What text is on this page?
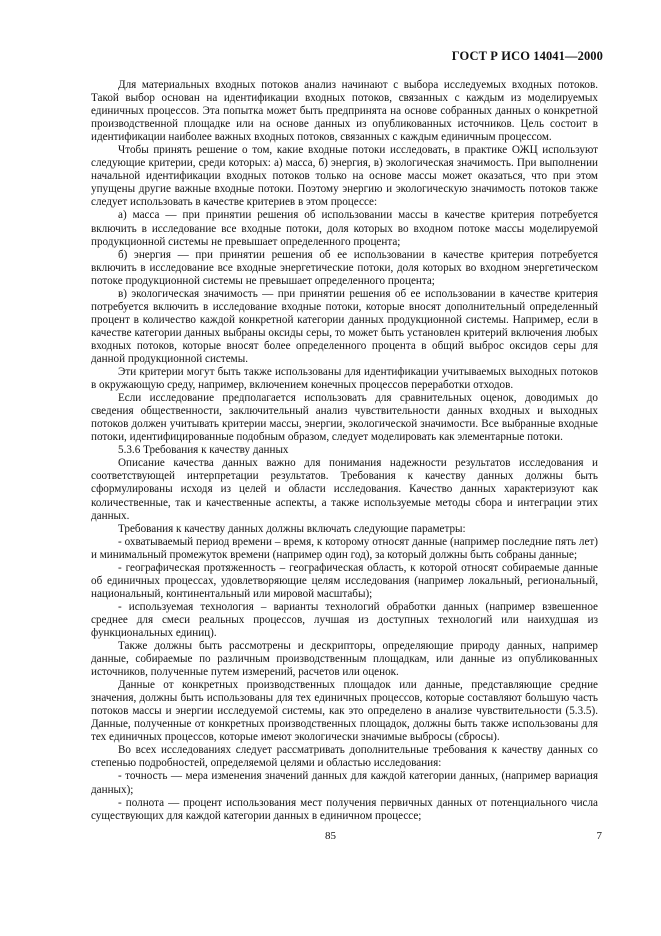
ГОСТ Р ИСО 14041—2000

Для материальных входных потоков анализ начинают с выбора исследуемых входных потоков. Такой выбор основан на идентификации входных потоков, связанных с каждым из моделируемых единичных процессов. Эта попытка может быть предпринята на основе собранных данных о конкретной производственной площадке или на основе данных из опубликованных источников. Цель состоит в идентификации наиболее важных входных потоков, связанных с каждым единичным процессом.

Чтобы принять решение о том, какие входные потоки исследовать, в практике ОЖЦ используют следующие критерии, среди которых: а) масса, б) энергия, в) экологическая значимость. При выполнении начальной идентификации входных потоков только на основе массы может оказаться, что при этом упущены другие важные входные потоки. Поэтому энергию и экологическую значимость потоков также следует использовать в качестве критериев в этом процессе:

а) масса — при принятии решения об использовании массы в качестве критерия потребуется включить в исследование все входные потоки, доля которых во входном потоке массы моделируемой продукционной системы не превышает определенного процента;

б) энергия — при принятии решения об ее использовании в качестве критерия потребуется включить в исследование все входные энергетические потоки, доля которых во входном энергетическом потоке продукционной системы не превышает определенного процента;

в) экологическая значимость — при принятии решения об ее использовании в качестве критерия потребуется включить в исследование входные потоки, которые вносят дополнительный определенный процент в количество каждой конкретной категории данных продукционной системы. Например, если в качестве категории данных выбраны оксиды серы, то может быть установлен критерий включения любых входных потоков, которые вносят более определенного процента в общий выброс оксидов серы для данной продукционной системы.

Эти критерии могут быть также использованы для идентификации учитываемых выходных потоков в окружающую среду, например, включением конечных процессов переработки отходов.

Если исследование предполагается использовать для сравнительных оценок, доводимых до сведения общественности, заключительный анализ чувствительности данных входных и выходных потоков должен учитывать критерии массы, энергии, экологической значимости. Все выбранные входные потоки, идентифицированные подобным образом, следует моделировать как элементарные потоки.

5.3.6 Требования к качеству данных

Описание качества данных важно для понимания надежности результатов исследования и соответствующей интерпретации результатов. Требования к качеству данных должны быть сформулированы исходя из целей и области исследования. Качество данных характеризуют как количественные, так и качественные аспекты, а также используемые методы сбора и интеграции этих данных.

Требования к качеству данных должны включать следующие параметры:

- охватываемый период времени – время, к которому относят данные (например последние пять лет) и минимальный промежуток времени (например один год), за который должны быть собраны данные;

- географическая протяженность – географическая область, к которой относят собираемые данные об единичных процессах, удовлетворяющие целям исследования (например локальный, региональный, национальный, континентальный или мировой масштабы);

- используемая технология – варианты технологий обработки данных (например взвешенное среднее для смеси реальных процессов, лучшая из доступных технологий или наихудшая из функциональных единиц).

Также должны быть рассмотрены и дескрипторы, определяющие природу данных, например данные, собираемые по различным производственным площадкам, или данные из опубликованных источников, полученные путем измерений, расчетов или оценок.

Данные от конкретных производственных площадок или данные, представляющие средние значения, должны быть использованы для тех единичных процессов, которые составляют большую часть потоков массы и энергии исследуемой системы, как это определено в анализе чувствительности (5.3.5). Данные, полученные от конкретных производственных площадок, должны быть также использованы для тех единичных процессов, которые имеют экологически значимые выбросы (сбросы).

Во всех исследованиях следует рассматривать дополнительные требования к качеству данных со степенью подробностей, определяемой целями и областью исследования:

- точность — мера изменения значений данных для каждой категории данных, (например вариация данных);

- полнота — процент использования мест получения первичных данных от потенциального числа существующих для каждой категории данных в единичном процессе;

85	7
